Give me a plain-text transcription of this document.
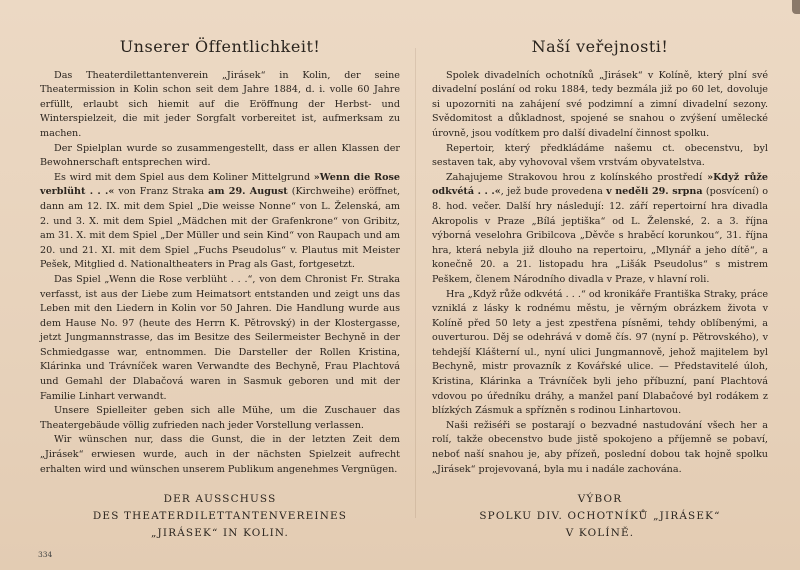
Unserer Öffentlichkeit!

Das Theaterdilettantenverein „Jirásek“ in Kolin, der seine Theatermission in Kolin schon seit dem Jahre 1884, d. i. volle 60 Jahre erfüllt, erlaubt sich hiemit auf die Eröffnung der Herbst- und Winterspielzeit, die mit jeder Sorgfalt vorbereitet ist, aufmerksam zu machen.

Der Spielplan wurde so zusammengestellt, dass er allen Klassen der Bewohnerschaft entsprechen wird.

Es wird mit dem Spiel aus dem Koliner Mittelgrund »Wenn die Rose verblüht . . .« von Franz Straka am 29. August (Kirchweihe) eröffnet, dann am 12. IX. mit dem Spiel „Die weisse Nonne“ von L. Želenská, am 2. und 3. X. mit dem Spiel „Mädchen mit der Grafenkrone“ von Gribitz, am 31. X. mit dem Spiel „Der Müller und sein Kind“ von Raupach und am 20. und 21. XI. mit dem Spiel „Fuchs Pseudolus“ v. Plautus mit Meister Pešek, Mitglied d. Nationaltheaters in Prag als Gast, fortgesetzt.

Das Spiel „Wenn die Rose verblüht . . .“, von dem Chronist Fr. Straka verfasst, ist aus der Liebe zum Heimatsort entstanden und zeigt uns das Leben mit den Liedern in Kolin vor 50 Jahren. Die Handlung wurde aus dem Hause No. 97 (heute des Herrn K. Pětrovský) in der Klostergasse, jetzt Jungmannstrasse, das im Besitze des Seilermeister Bechyně in der Schmiedgasse war, entnommen. Die Darsteller der Rollen Kristina, Klárinka und Trávníček waren Verwandte des Bechyně, Frau Plachtová und Gemahl der Dlabačová waren in Sasmuk geboren und mit der Familie Linhart verwandt.

Unsere Spielleiter geben sich alle Mühe, um die Zuschauer das Theatergebäude völlig zufrieden nach jeder Vorstellung verlassen.

Wir wünschen nur, dass die Gunst, die in der letzten Zeit dem „Jirásek“ erwiesen wurde, auch in der nächsten Spielzeit aufrecht erhalten wird und wünschen unserem Publikum angenehmes Vergnügen.

DER AUSSCHUSS
DES THEATERDILETTANTENVEREINES
„JIRÁSEK“ IN KOLIN.
Naší veřejnosti!

Spolek divadelních ochotníků „Jirásek“ v Kolíně, který plní své divadelní poslání od roku 1884, tedy bezmála již po 60 let, dovoluje si upozorniti na zahájení své podzimní a zimní divadelní sezony. Svědomitost a důkladnost, spojené se snahou o zvýšení umělecké úrovně, jsou vodítkem pro další divadelní činnost spolku.

Repertoir, který předkládáme našemu ct. obecenstvu, byl sestaven tak, aby vyhovoval všem vrstvám obyvatelstva.

Zahajujeme Strakovou hrou z kolínského prostředí »Když růže odkvétá . . .«, jež bude provedena v neděli 29. srpna (posvícení) o 8. hod. večer. Další hry následují: 12. září repertoirní hra divadla Akropolis v Praze „Bílá jeptiška“ od L. Želenské, 2. a 3. října výborná veselohra Gribilcova „Děvče s hraběcí korunkou“, 31. října hra, která nebyla již dlouho na repertoiru, „Mlynář a jeho dítě“, a konečně 20. a 21. listopadu hra „Lišák Pseudolus“ s mistrem Peškem, členem Národního divadla v Praze, v hlavní roli.

Hra „Když růže odkvétá . . .“ od kronikáře Františka Straky, práce vzniklá z lásky k rodnému městu, je věrným obrázkem života v Kolíně před 50 lety a jest zpestřena písněmi, tehdy oblíbenými, a ouverturou. Děj se odehrává v domě čís. 97 (nyní p. Pětrovského), v tehdejší Klášterní ul., nyní ulici Jungmannově, jehož majitelem byl Bechyně, mistr provazník z Kovářské ulice. — Představitelé úloh, Kristina, Klárinka a Trávníček byli jeho příbuzní, paní Plachtová vdovou po úředníku dráhy, a manžel paní Dlabačové byl rodákem z blízkých Zásmuk a spřízněn s rodinou Linhartovou.

Naši režiséři se postarají o bezvadné nastudování všech her a rolí, takže obecenstvo bude jistě spokojeno a příjemně se pobaví, neboť naší snahou je, aby přízeň, poslední dobou tak hojně spolku „Jirásek“ projevovaná, byla mu i nadále zachována.

VÝBOR
SPOLKU DIV. OCHOTNÍKŮ „JIRÁSEK“
V KOLÍNĚ.
334
